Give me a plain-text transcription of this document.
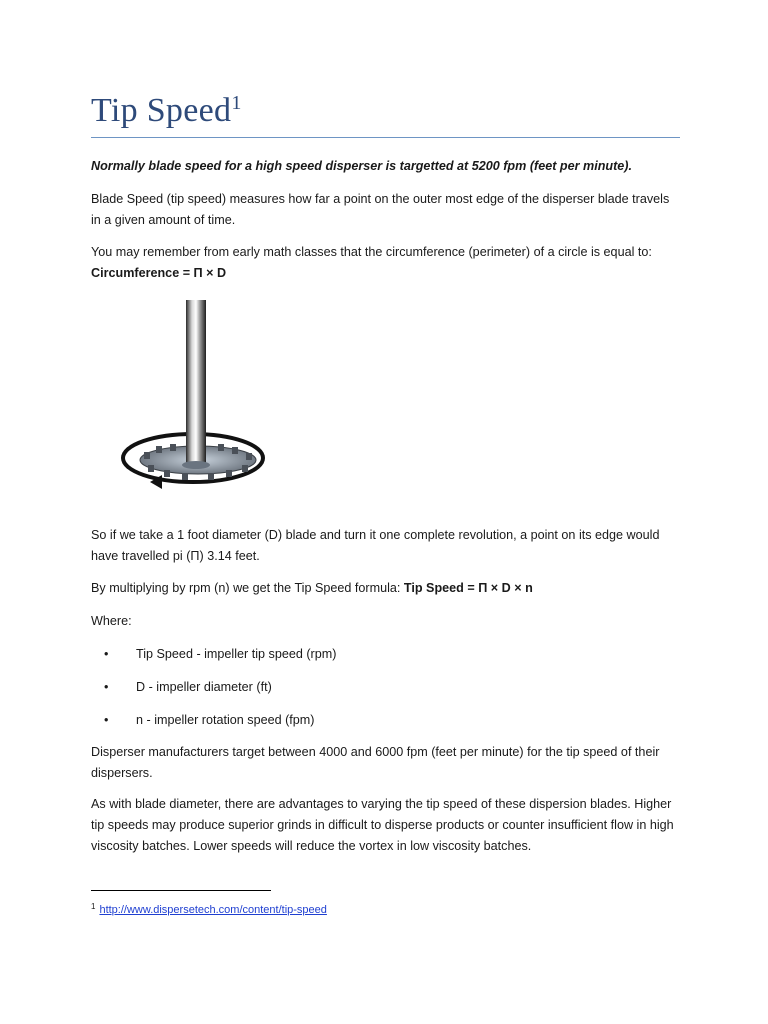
Tip Speed$^1$

Normally blade speed for a high speed disperser is targetted at 5200 fpm (feet per minute).

Blade Speed (tip speed) measures how far a point on the outer most edge of the disperser blade travels in a given amount of time.

You may remember from early math classes that the circumference (perimeter) of a circle is equal to: Circumference = Π × D

So if we take a 1 foot diameter (D) blade and turn it one complete revolution, a point on its edge would have travelled pi (Π) 3.14 feet.

By multiplying by rpm (n) we get the Tip Speed formula: Tip Speed = Π × D × n

Where:

• Tip Speed - impeller tip speed (rpm)
• D - impeller diameter (ft)
• n - impeller rotation speed (fpm)

Disperser manufacturers target between 4000 and 6000 fpm (feet per minute) for the tip speed of their dispersers.

As with blade diameter, there are advantages to varying the tip speed of these dispersion blades. Higher tip speeds may produce superior grinds in difficult to disperse products or counter insufficient flow in high viscosity batches. Lower speeds will reduce the vortex in low viscosity batches.

$^1$ http://www.dispersetech.com/content/tip-speed
